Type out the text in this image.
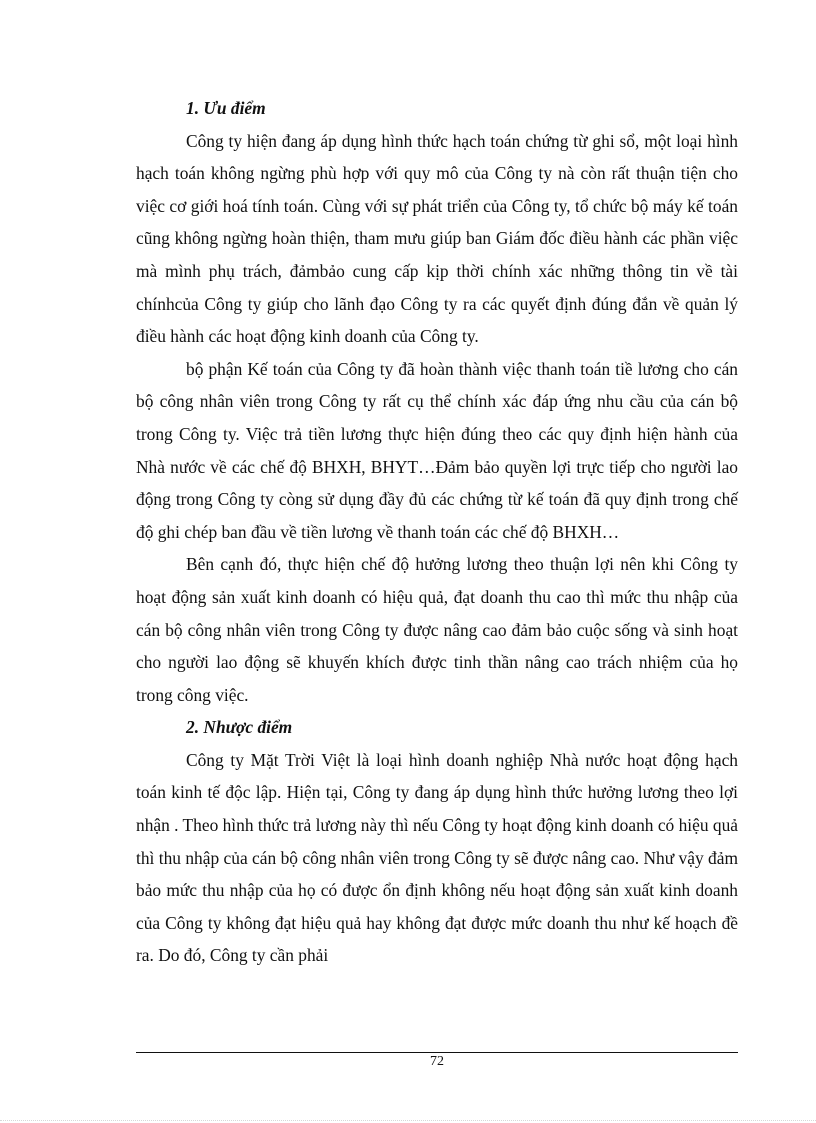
1. Ưu điểm

Công ty hiện đang áp dụng hình thức hạch toán chứng từ ghi sổ, một loại hình hạch toán không ngừng phù hợp với quy mô của Công ty nà còn rất thuận tiện cho việc cơ giới hoá tính toán. Cùng với sự phát triển của Công ty, tổ chức bộ máy kế toán cũng không ngừng hoàn thiện, tham mưu giúp ban Giám đốc điều hành các phần việc mà mình phụ trách, đảmbảo cung cấp kịp thời chính xác những thông tin về tài chínhcủa Công ty giúp cho lãnh đạo Công ty ra các quyết định đúng đắn về quản lý điều hành các hoạt động kinh doanh của Công ty.

bộ phận Kế toán của Công ty đã hoàn thành việc thanh toán tiề lương cho cán bộ công nhân viên trong Công ty rất cụ thể chính xác đáp ứng nhu cầu của cán bộ trong Công ty. Việc trả tiền lương thực hiện đúng theo các quy định hiện hành của Nhà nước về các chế độ BHXH, BHYT…Đảm bảo quyền lợi trực tiếp cho người lao động trong Công ty còng sử dụng đầy đủ các chứng từ kế toán đã quy định trong chế độ ghi chép ban đầu về tiền lương về thanh toán các chế độ BHXH…

Bên cạnh đó, thực hiện chế độ hưởng lương theo thuận lợi nên khi Công ty hoạt động sản xuất kinh doanh có hiệu quả, đạt doanh thu cao thì mức thu nhập của cán bộ công nhân viên trong Công ty được nâng cao đảm bảo cuộc sống và sinh hoạt cho người lao động sẽ khuyến khích được tinh thần nâng cao trách nhiệm của họ trong công việc.

2. Nhược điểm

Công ty Mặt Trời Việt là loại hình doanh nghiệp Nhà nước hoạt động hạch toán kinh tế độc lập. Hiện tại, Công ty đang áp dụng hình thức hưởng lương theo lợi nhận . Theo hình thức trả lương này thì nếu Công ty hoạt động kinh doanh có hiệu quả thì thu nhập của cán bộ công nhân viên trong Công ty sẽ được nâng cao. Như vậy đảm bảo mức thu nhập của họ có được ổn định không nếu hoạt động sản xuất kinh doanh của Công ty không đạt hiệu quả hay không đạt được mức doanh thu như kế hoạch đề ra. Do đó, Công ty cần phải

72
